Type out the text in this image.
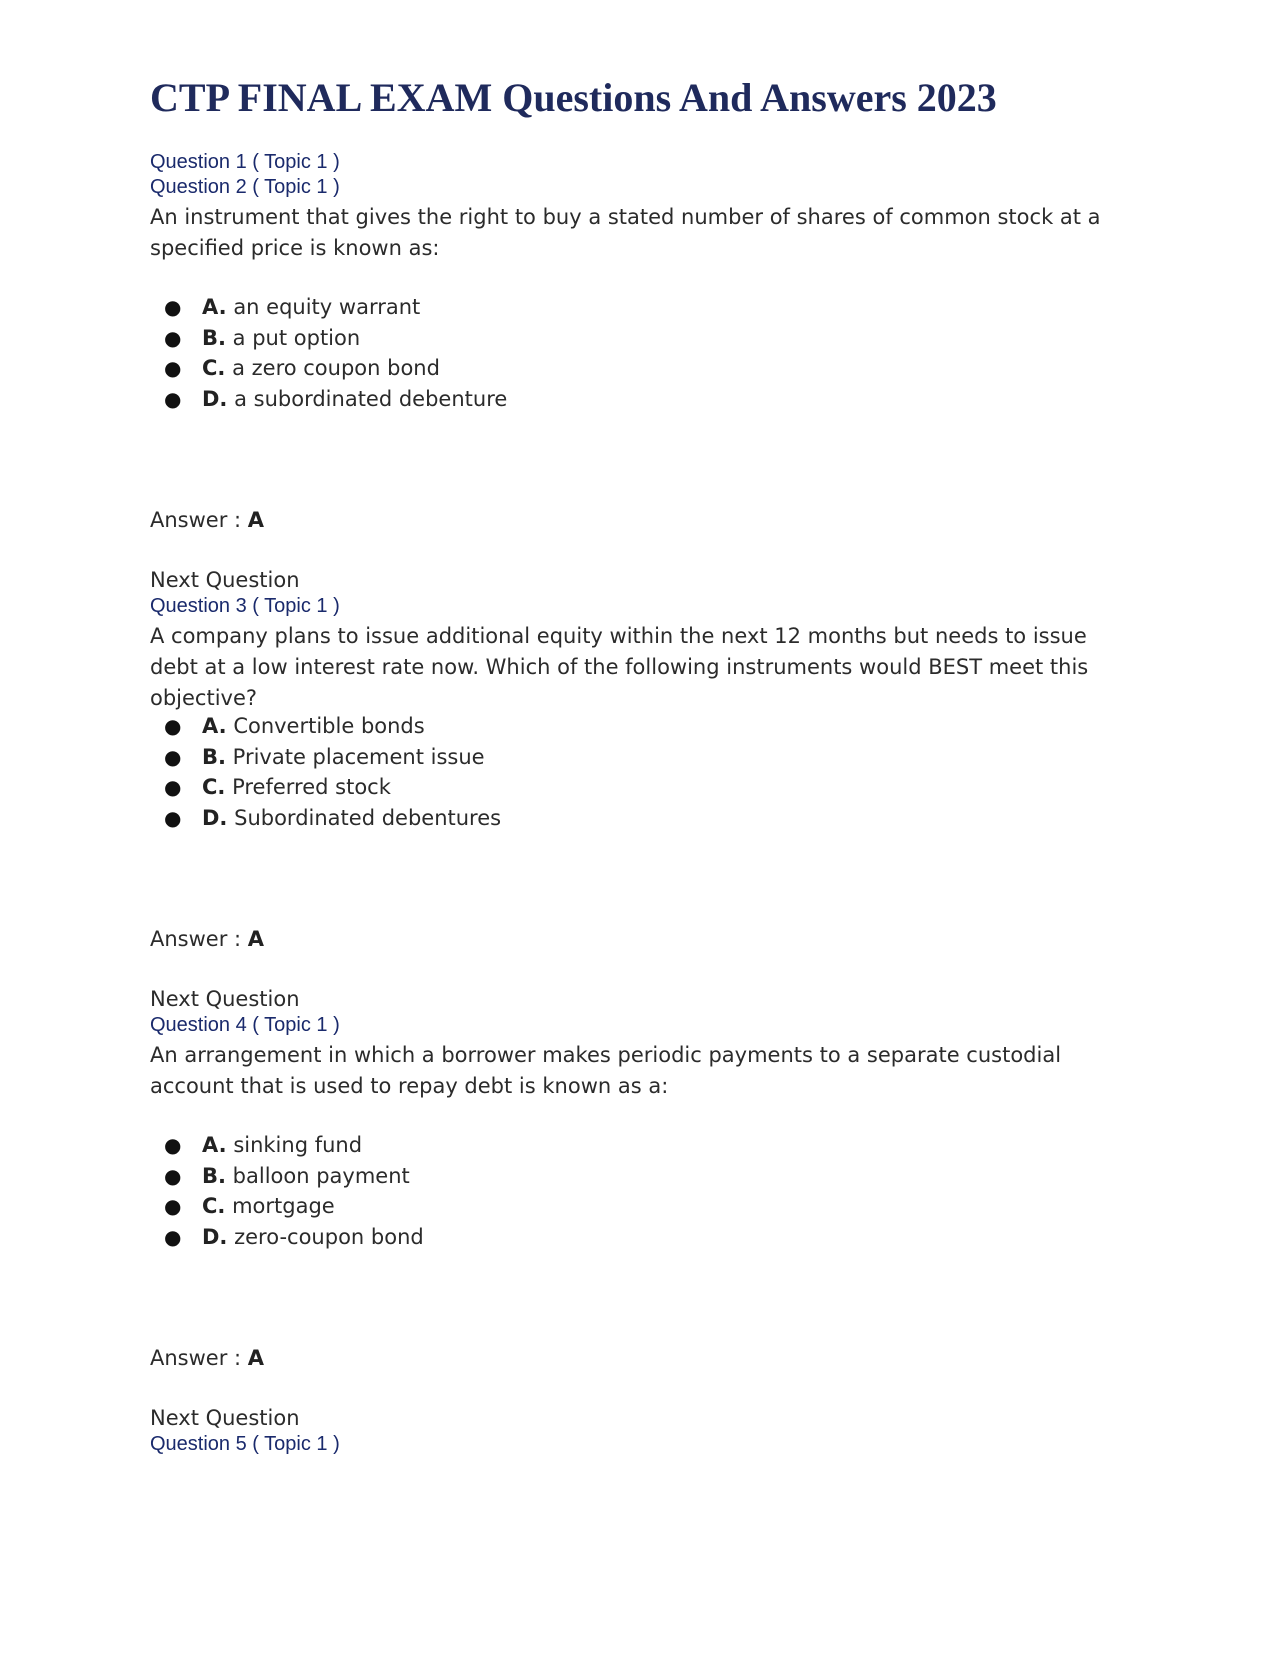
CTP FINAL EXAM Questions And Answers 2023

Question 1 ( Topic 1 )

Question 2 ( Topic 1 )

An instrument that gives the right to buy a stated number of shares of common stock at a specified price is known as:

● A. an equity warrant
● B. a put option
● C. a zero coupon bond
● D. a subordinated debenture

Answer : A

Next Question

Question 3 ( Topic 1 )

A company plans to issue additional equity within the next 12 months but needs to issue debt at a low interest rate now. Which of the following instruments would BEST meet this objective?

● A. Convertible bonds
● B. Private placement issue
● C. Preferred stock
● D. Subordinated debentures

Answer : A

Next Question

Question 4 ( Topic 1 )

An arrangement in which a borrower makes periodic payments to a separate custodial account that is used to repay debt is known as a:

● A. sinking fund
● B. balloon payment
● C. mortgage
● D. zero-coupon bond

Answer : A

Next Question

Question 5 ( Topic 1 )
